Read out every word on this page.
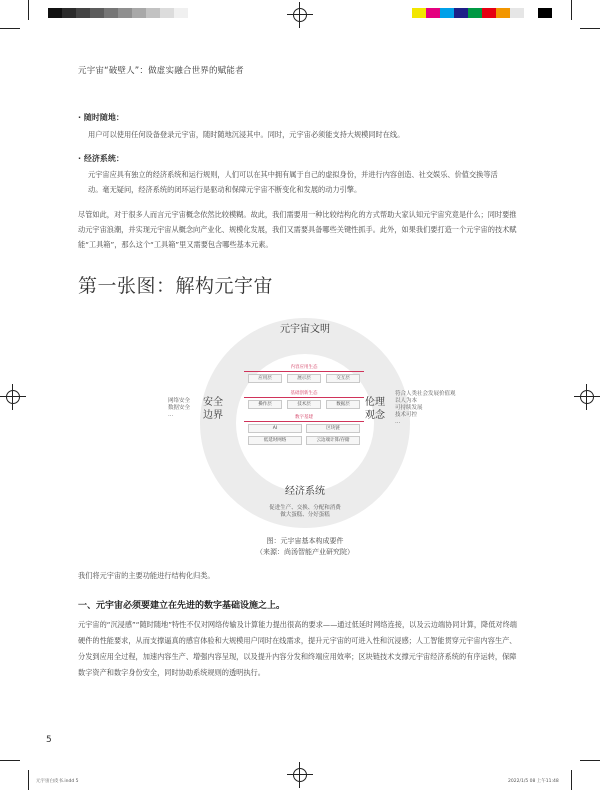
元宇宙“破壁人”：做虚实融合世界的赋能者
· 随时随地：
用户可以使用任何设备登录元宇宙，随时随地沉浸其中。同时，元宇宙必须能支持大规模同时在线。
· 经济系统：
元宇宙应具有独立的经济系统和运行规则，人们可以在其中拥有属于自己的虚拟身份，并进行内容创造、社交娱乐、价值交换等活动。毫无疑问，经济系统的闭环运行是驱动和保障元宇宙不断变化和发展的动力引擎。
尽管如此，对于很多人而言元宇宙概念依然比较模糊。故此，我们需要用一种比较结构化的方式帮助大家认知元宇宙究竟是什么；同时要推动元宇宙浪潮，并实现元宇宙从概念向产业化、规模化发展，我们又需要具备哪些关键性抓手。此外，如果我们要打造一个元宇宙的技术赋能“工具箱”，那么这个“工具箱”里又需要包含哪些基本元素。
第一张图：解构元宇宙
元宇宙文明
安全
边界
伦理
观念
经济系统
网络安全
数据安全
...
符合人类社会发展价值观
以人为本
可持续发展
技术可控
...
促进生产、交换、分配和消费
做大蛋糕、分好蛋糕
内容应用生态
应用层	展示层	交互层
基础创新生态
操作层	技术层	数据层
数字基建
AI	区块链
低延时网络	云边端计算/存储
图：元宇宙基本构成要件
（来源：尚汤智能产业研究院）
我们将元宇宙的主要功能进行结构化归类。
一、元宇宙必须要建立在先进的数字基础设施之上。
元宇宙的“沉浸感”“随时随地”特性不仅对网络传输及计算能力提出很高的要求——通过低延时网络连接，以及云边端协同计算，降低对终端硬件的性能要求，从而支撑逼真的感官体验和大规模用户同时在线需求，提升元宇宙的可进入性和沉浸感；人工智能贯穿元宇宙内容生产、分发到应用全过程，加速内容生产、增强内容呈现，以及提升内容分发和终端应用效率；区块链技术支撑元宇宙经济系统的有序运转，保障数字资产和数字身份安全，同时协助系统规则的透明执行。
5
元宇宙白皮书.indd 5	2022/1/5 08 上午11:48
